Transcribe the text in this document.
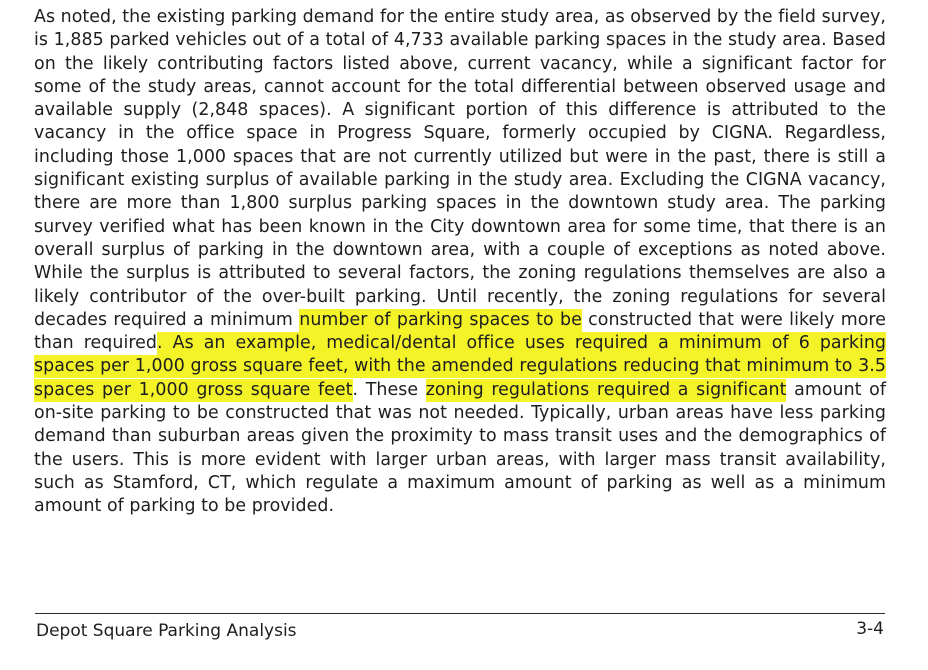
As noted, the existing parking demand for the entire study area, as observed by the field survey, is 1,885 parked vehicles out of a total of 4,733 available parking spaces in the study area. Based on the likely contributing factors listed above, current vacancy, while a significant factor for some of the study areas, cannot account for the total differential between observed usage and available supply (2,848 spaces). A significant portion of this difference is attributed to the vacancy in the office space in Progress Square, formerly occupied by CIGNA. Regardless, including those 1,000 spaces that are not currently utilized but were in the past, there is still a significant existing surplus of available parking in the study area. Excluding the CIGNA vacancy, there are more than 1,800 surplus parking spaces in the downtown study area. The parking survey verified what has been known in the City downtown area for some time, that there is an overall surplus of parking in the downtown area, with a couple of exceptions as noted above. While the surplus is attributed to several factors, the zoning regulations themselves are also a likely contributor of the over-built parking. Until recently, the zoning regulations for several decades required a minimum number of parking spaces to be constructed that were likely more than required. As an example, medical/dental office uses required a minimum of 6 parking spaces per 1,000 gross square feet, with the amended regulations reducing that minimum to 3.5 spaces per 1,000 gross square feet. These zoning regulations required a significant amount of on-site parking to be constructed that was not needed. Typically, urban areas have less parking demand than suburban areas given the proximity to mass transit uses and the demographics of the users. This is more evident with larger urban areas, with larger mass transit availability, such as Stamford, CT, which regulate a maximum amount of parking as well as a minimum amount of parking to be provided.

Depot Square Parking Analysis	3-4
